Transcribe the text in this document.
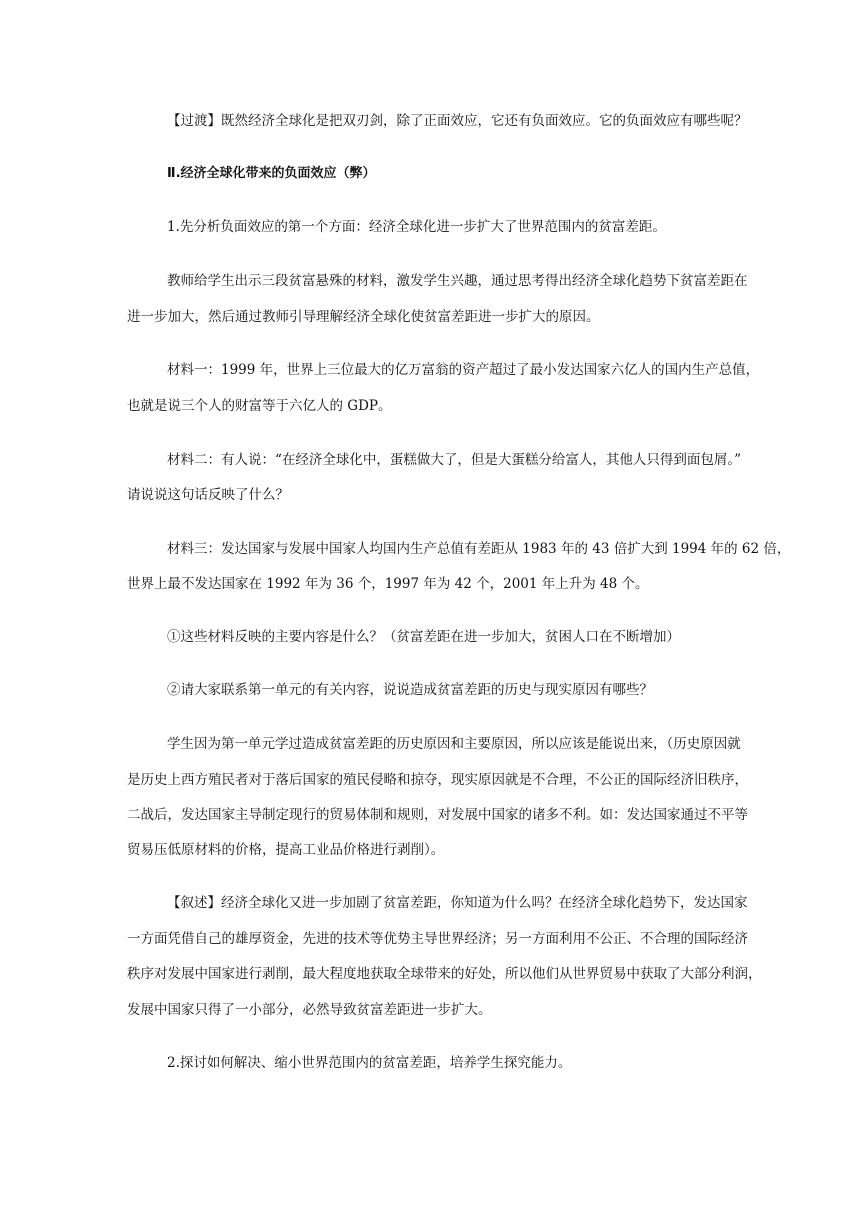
【过渡】既然经济全球化是把双刃剑，除了正面效应，它还有负面效应。它的负面效应有哪些呢？
Ⅱ.经济全球化带来的负面效应（弊）
1.先分析负面效应的第一个方面：经济全球化进一步扩大了世界范围内的贫富差距。
教师给学生出示三段贫富悬殊的材料，激发学生兴趣，通过思考得出经济全球化趋势下贫富差距在
进一步加大，然后通过教师引导理解经济全球化使贫富差距进一步扩大的原因。
材料一：1999 年，世界上三位最大的亿万富翁的资产超过了最小发达国家六亿人的国内生产总值，
也就是说三个人的财富等于六亿人的 GDP。
材料二：有人说：“在经济全球化中，蛋糕做大了，但是大蛋糕分给富人，其他人只得到面包屑。”
请说说这句话反映了什么？
材料三：发达国家与发展中国家人均国内生产总值有差距从 1983 年的 43 倍扩大到 1994 年的 62 倍，
世界上最不发达国家在 1992 年为 36 个，1997 年为 42 个，2001 年上升为 48 个。
①这些材料反映的主要内容是什么？（贫富差距在进一步加大，贫困人口在不断增加）
②请大家联系第一单元的有关内容，说说造成贫富差距的历史与现实原因有哪些？
学生因为第一单元学过造成贫富差距的历史原因和主要原因，所以应该是能说出来，（历史原因就
是历史上西方殖民者对于落后国家的殖民侵略和掠夺，现实原因就是不合理，不公正的国际经济旧秩序，
二战后，发达国家主导制定现行的贸易体制和规则，对发展中国家的诸多不利。如：发达国家通过不平等
贸易压低原材料的价格，提高工业品价格进行剥削）。
【叙述】经济全球化又进一步加剧了贫富差距，你知道为什么吗？在经济全球化趋势下，发达国家
一方面凭借自己的雄厚资金，先进的技术等优势主导世界经济；另一方面利用不公正、不合理的国际经济
秩序对发展中国家进行剥削，最大程度地获取全球带来的好处，所以他们从世界贸易中获取了大部分利润，
发展中国家只得了一小部分，必然导致贫富差距进一步扩大。
2.探讨如何解决、缩小世界范围内的贫富差距，培养学生探究能力。
